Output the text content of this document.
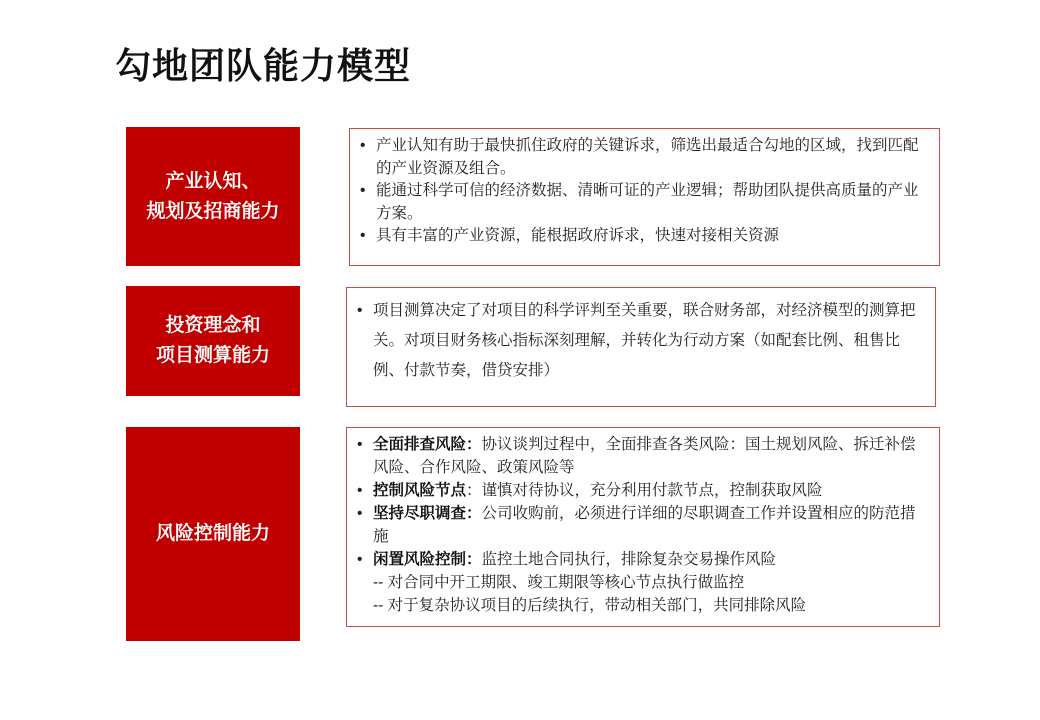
勾地团队能力模型
产业认知、
规划及招商能力
• 产业认知有助于最快抓住政府的关键诉求，筛选出最适合勾地的区域，找到匹配的产业资源及组合。
• 能通过科学可信的经济数据、清晰可证的产业逻辑；帮助团队提供高质量的产业方案。
• 具有丰富的产业资源，能根据政府诉求，快速对接相关资源
投资理念和
项目测算能力
• 项目测算决定了对项目的科学评判至关重要，联合财务部，对经济模型的测算把关。对项目财务核心指标深刻理解，并转化为行动方案（如配套比例、租售比例、付款节奏，借贷安排）
风险控制能力
• 全面排查风险：协议谈判过程中，全面排查各类风险：国土规划风险、拆迁补偿风险、合作风险、政策风险等
• 控制风险节点：谨慎对待协议，充分利用付款节点，控制获取风险
• 坚持尽职调查：公司收购前，必须进行详细的尽职调查工作并设置相应的防范措施
• 闲置风险控制：监控土地合同执行，排除复杂交易操作风险
-- 对合同中开工期限、竣工期限等核心节点执行做监控
-- 对于复杂协议项目的后续执行，带动相关部门，共同排除风险
